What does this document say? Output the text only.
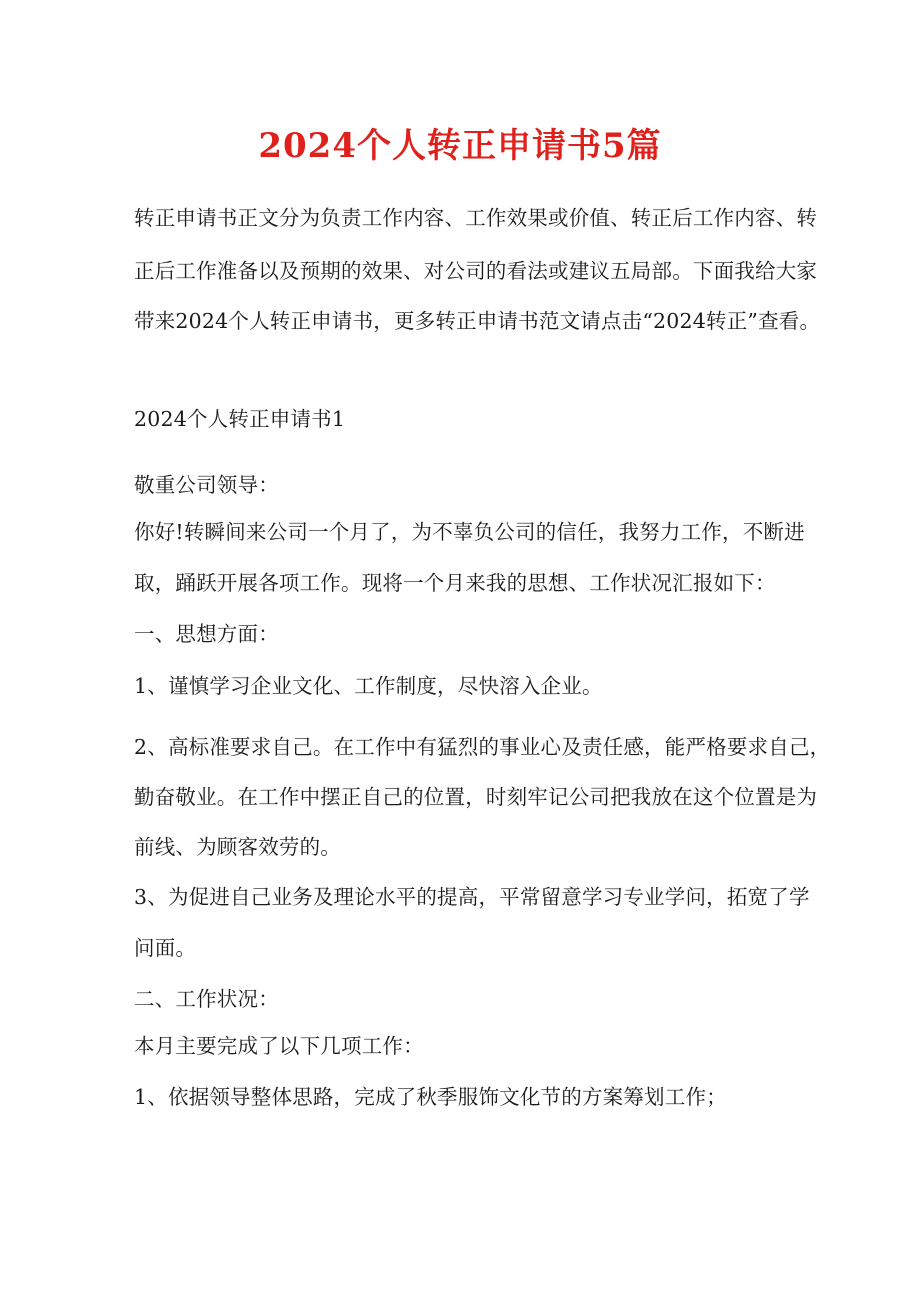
2024个人转正申请书5篇
转正申请书正文分为负责工作内容、工作效果或价值、转正后工作内容、转
正后工作准备以及预期的效果、对公司的看法或建议五局部。下面我给大家
带来2024个人转正申请书，更多转正申请书范文请点击“2024转正”查看。
2024个人转正申请书1
敬重公司领导：
你好!转瞬间来公司一个月了，为不辜负公司的信任，我努力工作，不断进
取，踊跃开展各项工作。现将一个月来我的思想、工作状况汇报如下：
一、思想方面：
1、谨慎学习企业文化、工作制度，尽快溶入企业。
2、高标准要求自己。在工作中有猛烈的事业心及责任感，能严格要求自己，
勤奋敬业。在工作中摆正自己的位置，时刻牢记公司把我放在这个位置是为
前线、为顾客效劳的。
3、为促进自己业务及理论水平的提高，平常留意学习专业学问，拓宽了学
问面。
二、工作状况：
本月主要完成了以下几项工作：
1、依据领导整体思路，完成了秋季服饰文化节的方案筹划工作；
